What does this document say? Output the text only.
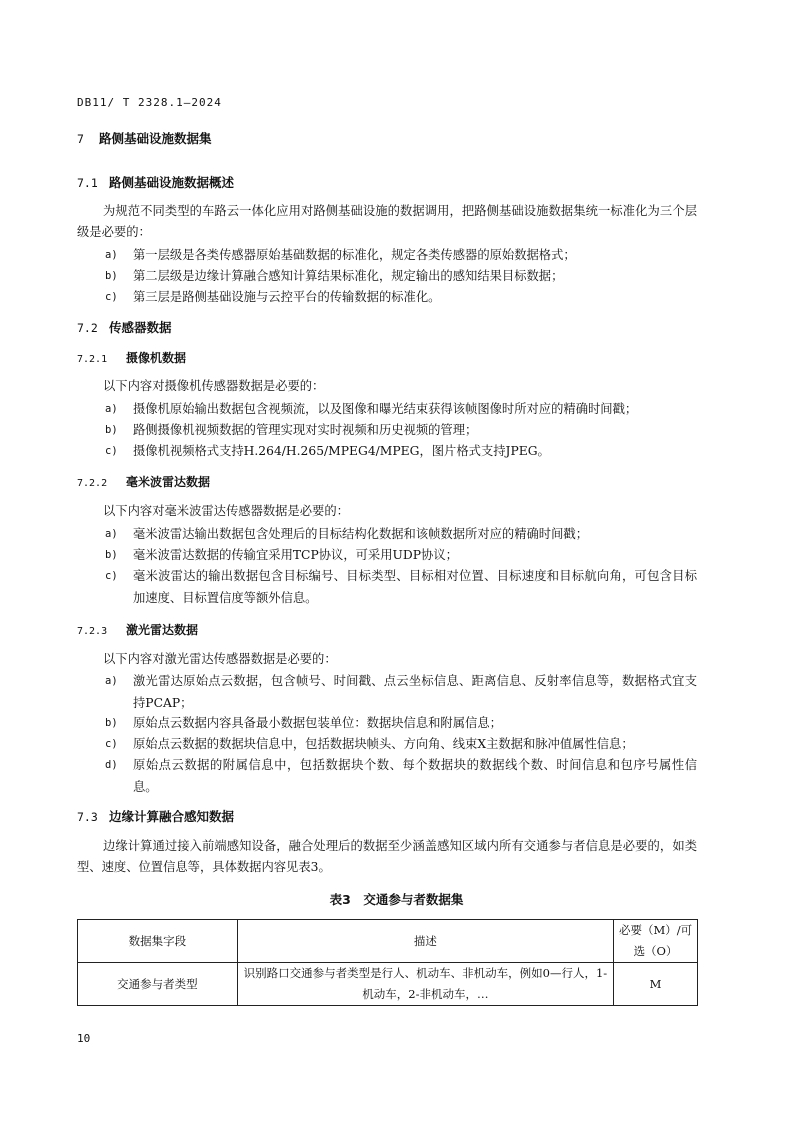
DB11/ T 2328.1—2024
7 路侧基础设施数据集
7.1 路侧基础设施数据概述
为规范不同类型的车路云一体化应用对路侧基础设施的数据调用，把路侧基础设施数据集统一标准化为三个层级是必要的：
a) 第一层级是各类传感器原始基础数据的标准化，规定各类传感器的原始数据格式；
b) 第二层级是边缘计算融合感知计算结果标准化，规定输出的感知结果目标数据；
c) 第三层是路侧基础设施与云控平台的传输数据的标准化。
7.2 传感器数据
7.2.1 摄像机数据
以下内容对摄像机传感器数据是必要的：
a) 摄像机原始输出数据包含视频流，以及图像和曝光结束获得该帧图像时所对应的精确时间戳；
b) 路侧摄像机视频数据的管理实现对实时视频和历史视频的管理；
c) 摄像机视频格式支持H.264/H.265/MPEG4/MPEG，图片格式支持JPEG。
7.2.2 毫米波雷达数据
以下内容对毫米波雷达传感器数据是必要的：
a) 毫米波雷达输出数据包含处理后的目标结构化数据和该帧数据所对应的精确时间戳；
b) 毫米波雷达数据的传输宜采用TCP协议，可采用UDP协议；
c) 毫米波雷达的输出数据包含目标编号、目标类型、目标相对位置、目标速度和目标航向角，可包含目标加速度、目标置信度等额外信息。
7.2.3 激光雷达数据
以下内容对激光雷达传感器数据是必要的：
a) 激光雷达原始点云数据，包含帧号、时间戳、点云坐标信息、距离信息、反射率信息等，数据格式宜支持PCAP；
b) 原始点云数据内容具备最小数据包装单位：数据块信息和附属信息；
c) 原始点云数据的数据块信息中，包括数据块帧头、方向角、线束X主数据和脉冲值属性信息；
d) 原始点云数据的附属信息中，包括数据块个数、每个数据块的数据线个数、时间信息和包序号属性信息。
7.3 边缘计算融合感知数据
边缘计算通过接入前端感知设备，融合处理后的数据至少涵盖感知区域内所有交通参与者信息是必要的，如类型、速度、位置信息等，具体数据内容见表3。
表3　交通参与者数据集
数据集字段	描述	必要（M）/可选（O）
交通参与者类型	识别路口交通参与者类型是行人、机动车、非机动车，例如0—行人，1-机动车，2-非机动车，…	M
10
